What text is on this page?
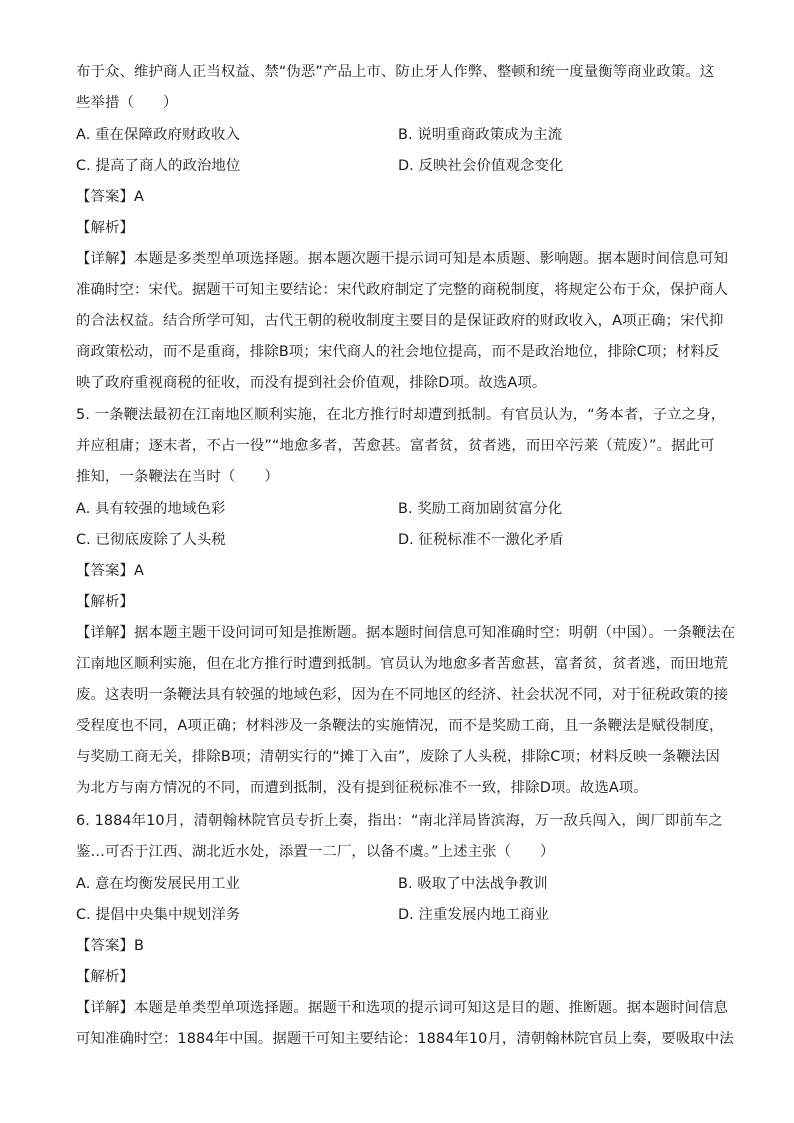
布于众、维护商人正当权益、禁“伪恶”产品上市、防止牙人作弊、整顿和统一度量衡等商业政策。这
些举措（　　）
A. 重在保障政府财政收入	B. 说明重商政策成为主流
C. 提高了商人的政治地位	D. 反映社会价值观念变化
【答案】A
【解析】
【详解】本题是多类型单项选择题。据本题次题干提示词可知是本质题、影响题。据本题时间信息可知
准确时空：宋代。据题干可知主要结论：宋代政府制定了完整的商税制度，将规定公布于众，保护商人
的合法权益。结合所学可知，古代王朝的税收制度主要目的是保证政府的财政收入，A项正确；宋代抑
商政策松动，而不是重商，排除B项；宋代商人的社会地位提高，而不是政治地位，排除C项；材料反
映了政府重视商税的征收，而没有提到社会价值观，排除D项。故选A项。
5. 一条鞭法最初在江南地区顺利实施，在北方推行时却遭到抵制。有官员认为，“务本者，子立之身，
并应租庸；逐末者，不占一役”“地愈多者，苦愈甚。富者贫，贫者逃，而田卒污莱（荒废）”。据此可
推知，一条鞭法在当时（　　）
A. 具有较强的地域色彩	B. 奖励工商加剧贫富分化
C. 已彻底废除了人头税	D. 征税标准不一激化矛盾
【答案】A
【解析】
【详解】据本题主题干设问词可知是推断题。据本题时间信息可知准确时空：明朝（中国）。一条鞭法在
江南地区顺利实施，但在北方推行时遭到抵制。官员认为地愈多者苦愈甚，富者贫，贫者逃，而田地荒
废。这表明一条鞭法具有较强的地域色彩，因为在不同地区的经济、社会状况不同，对于征税政策的接
受程度也不同，A项正确；材料涉及一条鞭法的实施情况，而不是奖励工商，且一条鞭法是赋役制度，
与奖励工商无关，排除B项；清朝实行的“摊丁入亩”，废除了人头税，排除C项；材料反映一条鞭法因
为北方与南方情况的不同，而遭到抵制，没有提到征税标准不一致，排除D项。故选A项。
6. 1884年10月，清朝翰林院官员专折上奏，指出：“南北洋局皆滨海，万一敌兵闯入，闽厂即前车之
鉴…可否于江西、湖北近水处，添置一二厂，以备不虞。”上述主张（　　）
A. 意在均衡发展民用工业	B. 吸取了中法战争教训
C. 提倡中央集中规划洋务	D. 注重发展内地工商业
【答案】B
【解析】
【详解】本题是单类型单项选择题。据题干和选项的提示词可知这是目的题、推断题。据本题时间信息
可知准确时空：1884年中国。据题干可知主要结论：1884年10月，清朝翰林院官员上奏，要吸取中法
